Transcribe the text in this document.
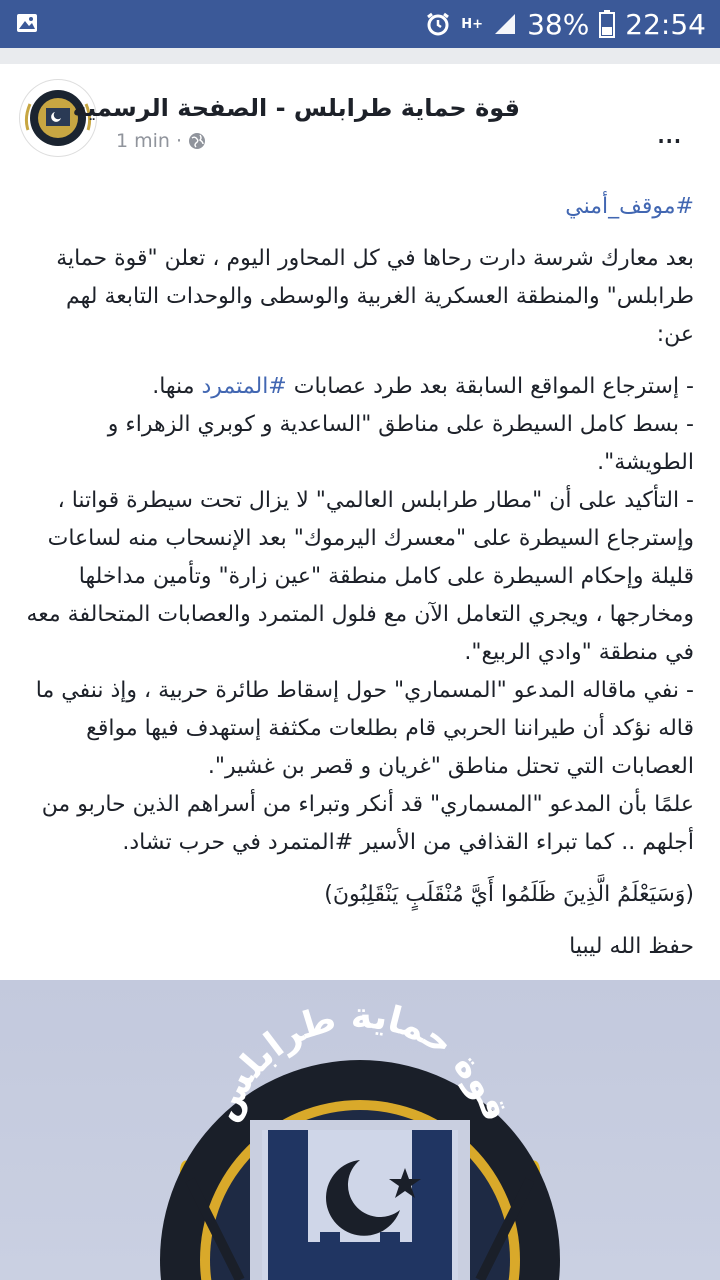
H+ 38% 22:54
قوة حماية طرابلس - الصفحة الرسمية
1 min ·	...

#موقف_أمني

بعد معارك شرسة دارت رحاها في كل المحاور اليوم ، تعلن "قوة حماية طرابلس" والمنطقة العسكرية الغربية والوسطى والوحدات التابعة لهم عن:

- إسترجاع المواقع السابقة بعد طرد عصابات #المتمرد منها.

- بسط كامل السيطرة على مناطق "الساعدية و كوبري الزهراء و الطويشة".

- التأكيد على أن "مطار طرابلس العالمي" لا يزال تحت سيطرة قواتنا ، وإسترجاع السيطرة على "معسرك اليرموك" بعد الإنسحاب منه لساعات قليلة وإحكام السيطرة على كامل منطقة "عين زارة" وتأمين مداخلها ومخارجها ، ويجري التعامل الآن مع فلول المتمرد والعصابات المتحالفة معه في منطقة "وادي الربيع".

- نفي ماقاله المدعو "المسماري" حول إسقاط طائرة حربية ، وإذ ننفي ما قاله نؤكد أن طيراننا الحربي قام بطلعات مكثفة إستهدف فيها مواقع العصابات التي تحتل مناطق "غريان و قصر بن غشير".

علمًا بأن المدعو "المسماري" قد أنكر وتبراء من أسراهم الذين حاربو من أجلهم .. كما تبراء القذافي من الأسير #المتمرد في حرب تشاد.

(وَسَيَعْلَمُ الَّذِينَ ظَلَمُوا أَيَّ مُنْقَلَبٍ يَنْقَلِبُونَ)

حفظ الله ليبيا

قوة حماية طرابلس
